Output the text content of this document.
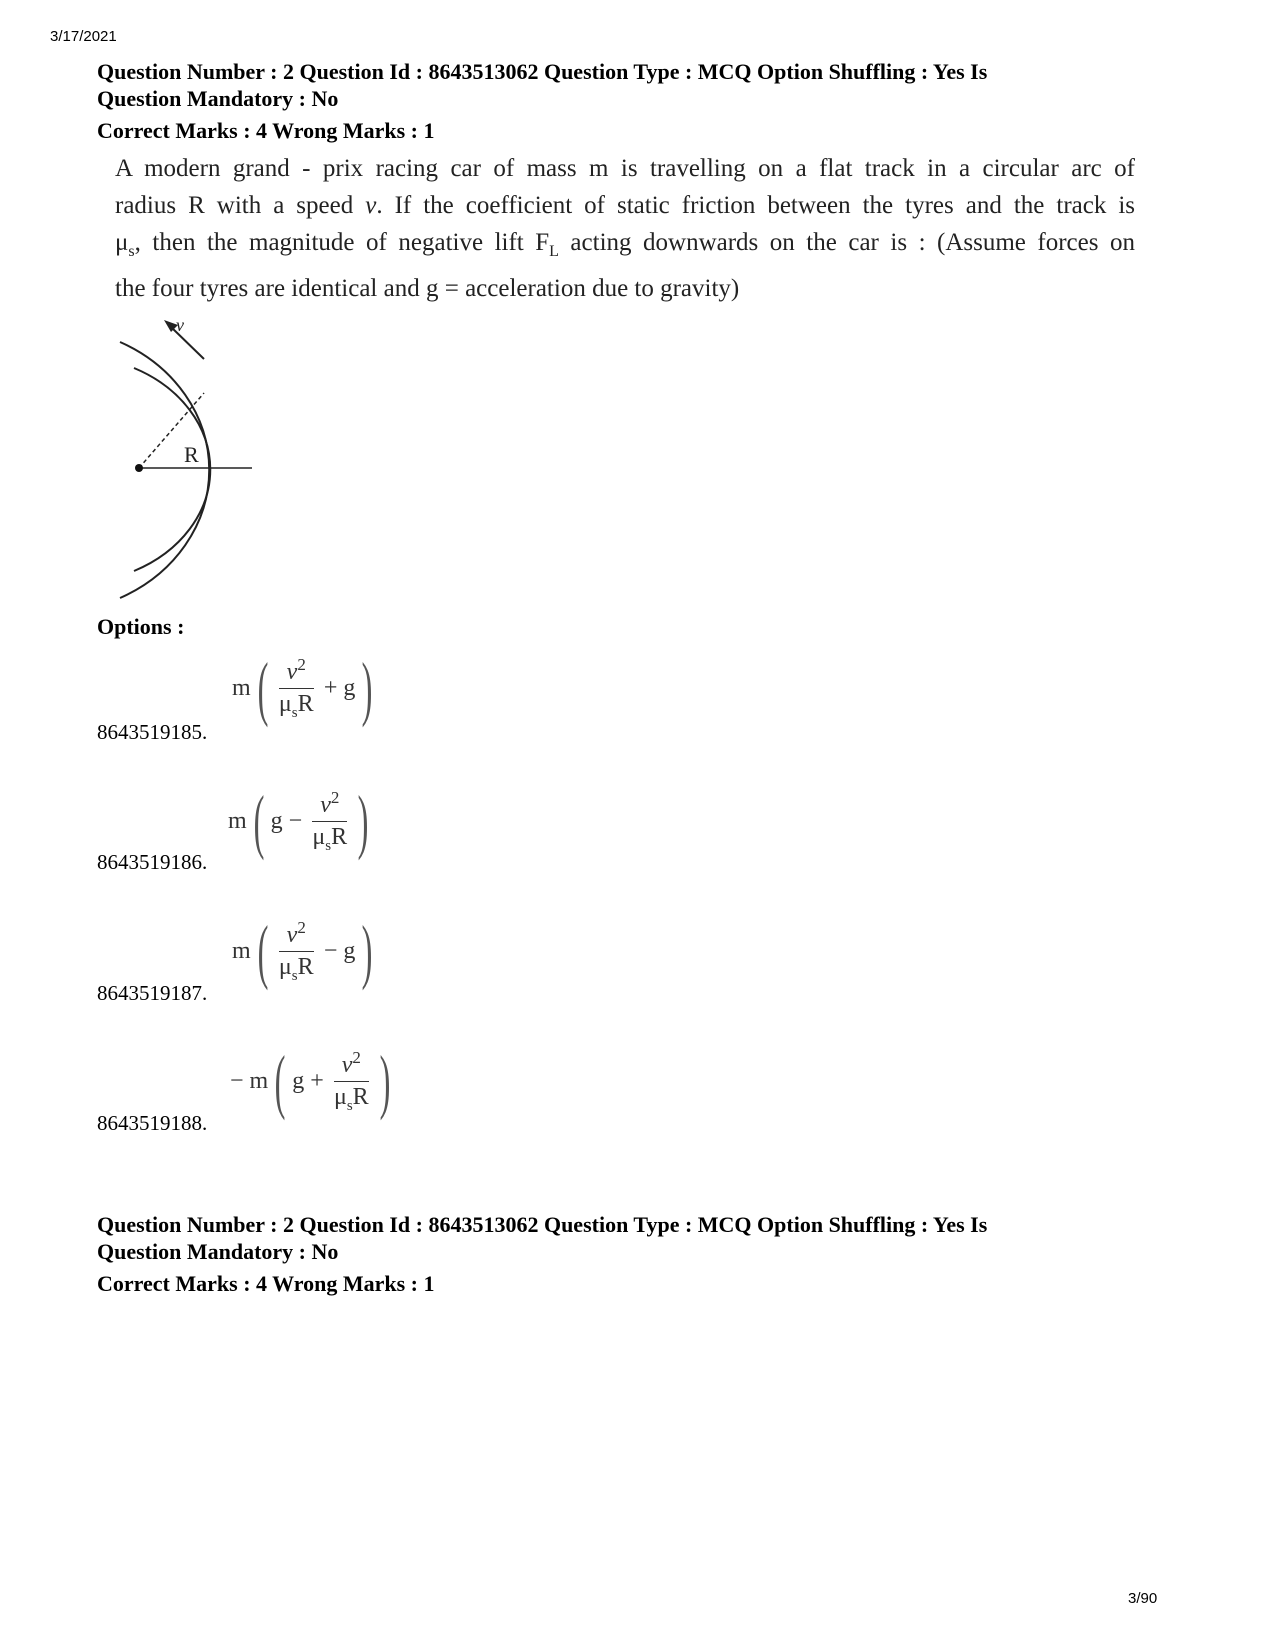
3/17/2021
Question Number : 2 Question Id : 8643513062 Question Type : MCQ Option Shuffling : Yes Is
Question Mandatory : No
Correct Marks : 4 Wrong Marks : 1
A modern grand - prix racing car of mass m is travelling on a flat track in a circular arc of
radius R with a speed v. If the coefficient of static friction between the tyres and the track is
$\mu_s$, then the magnitude of negative lift $F_L$ acting downwards on the car is : (Assume forces on
the four tyres are identical and g = acceleration due to gravity)
v
R
Options :
8643519185.
m ( $\frac{v^2}{\mu_sR} + g$ )
8643519186.
m ( $g - \frac{v^2}{\mu_sR}$ )
8643519187.
m ( $\frac{v^2}{\mu_sR} - g$ )
8643519188.
− m ( $g + \frac{v^2}{\mu_sR}$ )
Question Number : 2 Question Id : 8643513062 Question Type : MCQ Option Shuffling : Yes Is
Question Mandatory : No
Correct Marks : 4 Wrong Marks : 1
3/90
